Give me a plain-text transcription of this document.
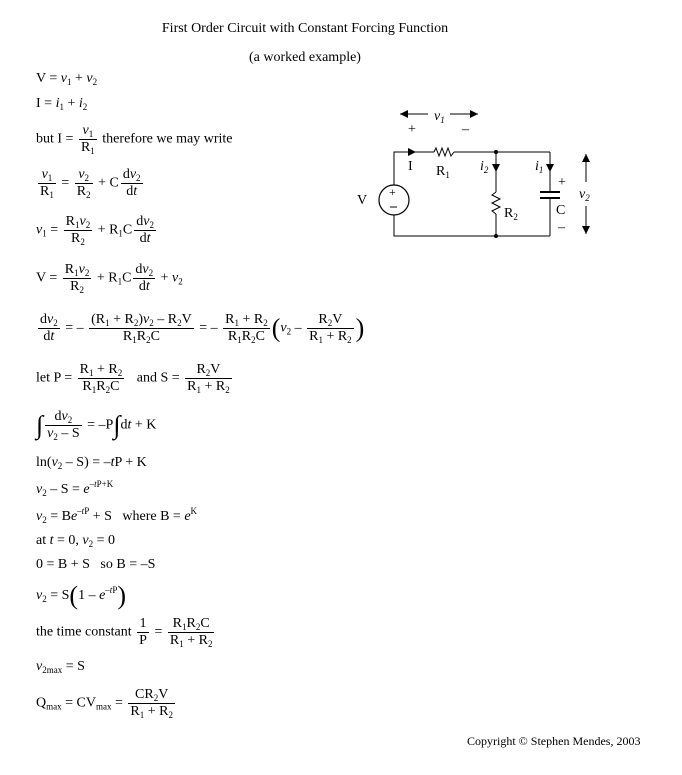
First Order Circuit with Constant Forcing Function
(a worked example)
$v_1$
+	–
I $R_1$
+
–
V
$i_2$
$R_2$
$i_1$
+
C
–
$v_2$
$V = v_1 + v_2$
$I = i_1 + i_2$
but $I = \frac{v_1}{R_1}$ therefore we may write
$\frac{v_1}{R_1} = \frac{v_2}{R_2} + C \frac{dv_2}{dt}$
$v_1 = \frac{R_1v_2}{R_2} + R_1C \frac{dv_2}{dt}$
$V = \frac{R_1v_2}{R_2} + R_1C \frac{dv_2}{dt} + v_2$
$\frac{dv_2}{dt}$ = – $\frac{(R_1 + R_2)v_2 - R_2V}{R_1R_2C}$ = – $\frac{R_1 + R_2}{R_1R_2C} (v_2 - \frac{R_2V}{R_1 + R_2}$ )
let $P = \frac{R_1 + R_2}{R_1R_2C}$ and $S = \frac{R_2V}{R_1 + R_2}$
∫ $\frac{dv_2}{v_2 - S} = -P\int dt + K$
$\ln(v_2 - S) = -tP + K$
$v_2 - S = e^{-tP+K}$
$v_2 = Be^{-tP} + S$   where $B = e^K$
at t = 0, $v_2 = 0$
0 = B + S   so B = –S
$v_2 = S(1 - e^{-tP})$
the time constant $\frac{1}{P} = \frac{R_1R_2C}{R_1 + R_2}$
$v_{2max} = S$
$Q_{max} = CV_{max} = \frac{CR_2V}{R_1 + R_2}$
Copyright © Stephen Mendes, 2003
